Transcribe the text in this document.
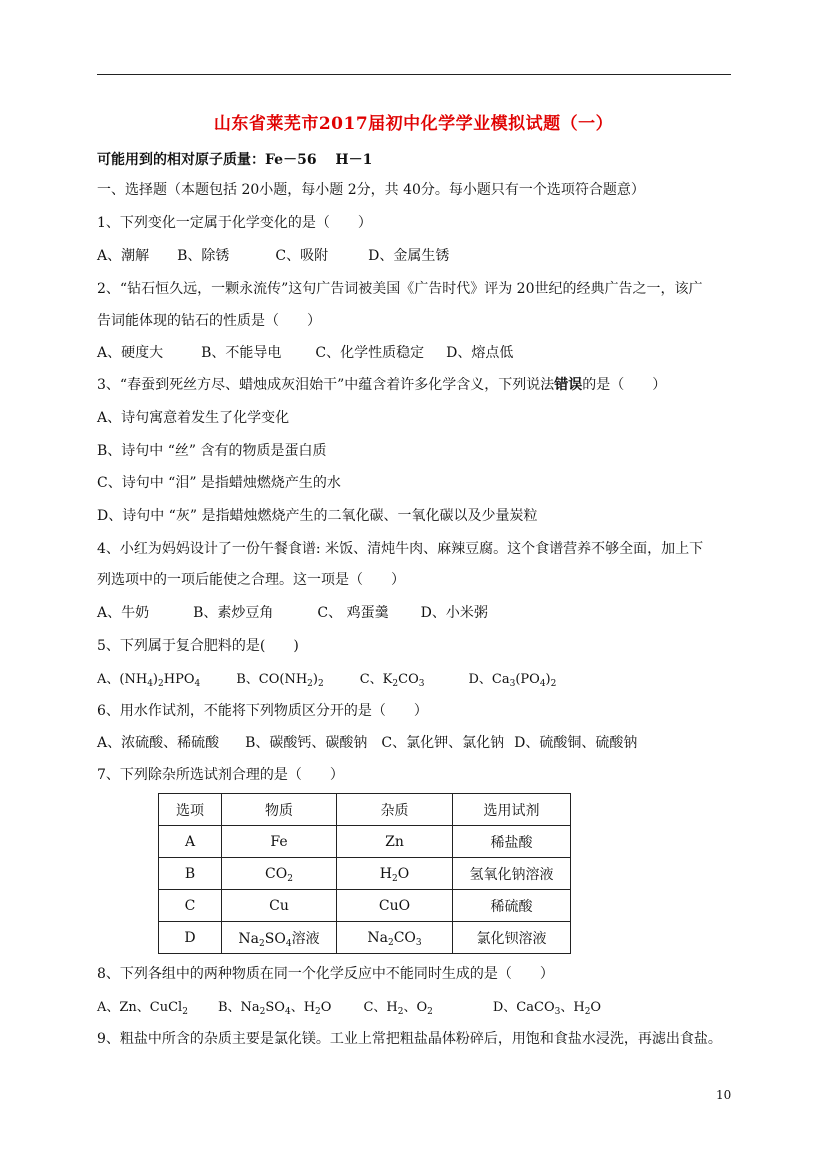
山东省莱芜市2017届初中化学学业模拟试题（一）
可能用到的相对原子质量：Fe－56　 H－1
一、选择题（本题包括 20小题，每小题 2分，共 40分。每小题只有一个选项符合题意）
1、下列变化一定属于化学变化的是（　　）
A、潮解 B、除锈	C、吸附	D、金属生锈
2、“钻石恒久远，一颗永流传”这句广告词被美国《广告时代》评为 20世纪的经典广告之一，该广
告词能体现的钻石的性质是（　　）
A、硬度大	B、不能导电 C、化学性质稳定 D、熔点低
3、“春蚕到死丝方尽、蜡烛成灰泪始干”中蕴含着许多化学含义，下列说法错误的是（　　）
A、诗句寓意着发生了化学变化
B、诗句中 “丝” 含有的物质是蛋白质
C、诗句中 “泪” 是指蜡烛燃烧产生的水
D、诗句中 “灰” 是指蜡烛燃烧产生的二氧化碳、一氧化碳以及少量炭粒
4、小红为妈妈设计了一份午餐食谱: 米饭、清炖牛肉、麻辣豆腐。这个食谱营养不够全面，加上下
列选项中的一项后能使之合理。这一项是（　　）
A、牛奶	B、素炒豆角	C、 鸡蛋羹 D、小米粥
5、下列属于复合肥料的是(　　)
A、$(NH_4)_2HPO_4$	B、$CO(NH_2)_2$	C、$K_2CO_3$	D、$Ca_3(PO_4)_2$
6、用水作试剂，不能将下列物质区分开的是（　　）
A、浓硫酸、稀硫酸 B、碳酸钙、碳酸钠 C、氯化钾、氯化钠 D、硫酸铜、硫酸钠
7、下列除杂所选试剂合理的是（　　）
选项	物质	杂质	选用试剂
A	Fe	Zn	稀盐酸
B	$CO_2$	$H_2O$	氢氧化钠溶液
C	Cu	CuO	稀硫酸
D	$Na_2SO_4$溶液	$Na_2CO_3$	氯化钡溶液
8、下列各组中的两种物质在同一个化学反应中不能同时生成的是（　　）
A、Zn、CuCl$_2$ B、$Na_2SO_4$、$H_2O$ C、$H_2$、$O_2$	D、CaCO$_3$、$H_2O$
9、粗盐中所含的杂质主要是氯化镁。工业上常把粗盐晶体粉碎后，用饱和食盐水浸洗，再滤出食盐。
10
